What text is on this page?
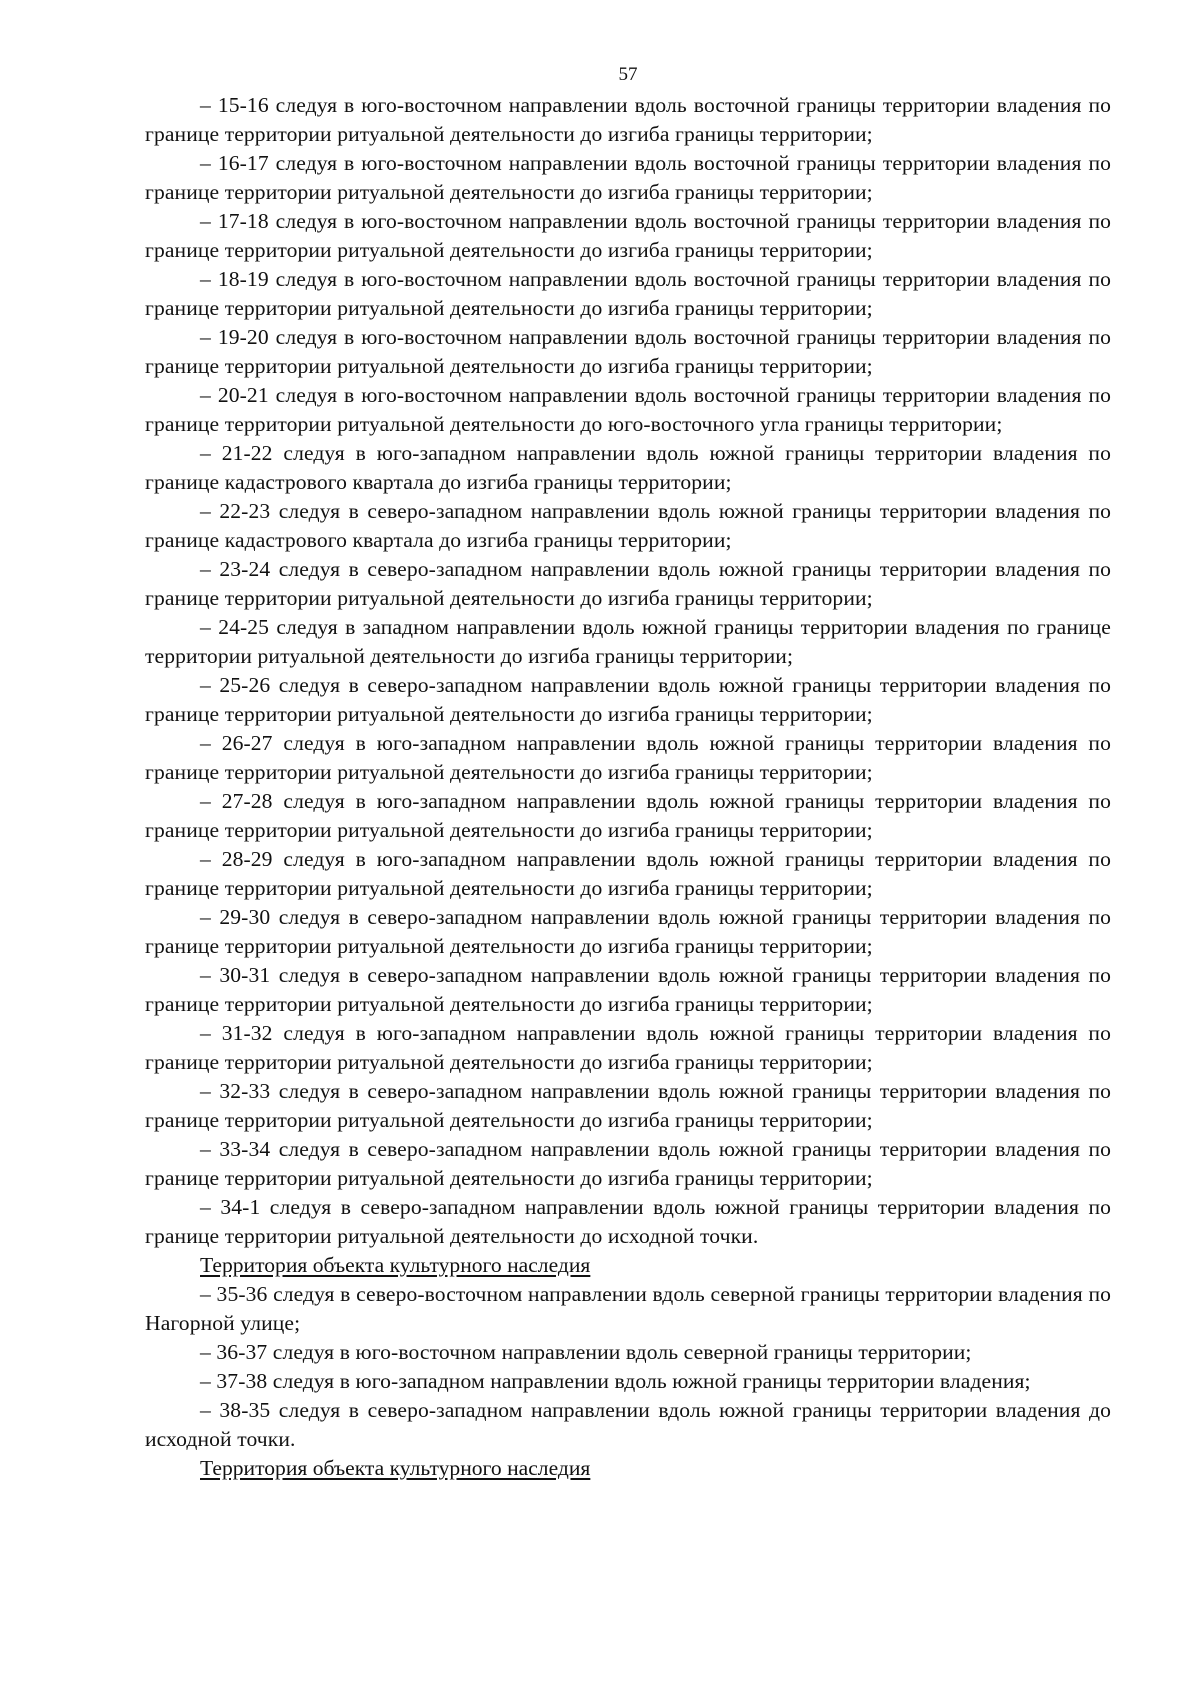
57

– 15-16 следуя в юго-восточном направлении вдоль восточной границы территории владения по границе территории ритуальной деятельности до изгиба границы территории;

– 16-17 следуя в юго-восточном направлении вдоль восточной границы территории владения по границе территории ритуальной деятельности до изгиба границы территории;

– 17-18 следуя в юго-восточном направлении вдоль восточной границы территории владения по границе территории ритуальной деятельности до изгиба границы территории;

– 18-19 следуя в юго-восточном направлении вдоль восточной границы территории владения по границе территории ритуальной деятельности до изгиба границы территории;

– 19-20 следуя в юго-восточном направлении вдоль восточной границы территории владения по границе территории ритуальной деятельности до изгиба границы территории;

– 20-21 следуя в юго-восточном направлении вдоль восточной границы территории владения по границе территории ритуальной деятельности до юго-восточного угла границы территории;

– 21-22 следуя в юго-западном направлении вдоль южной границы территории владения по границе кадастрового квартала до изгиба границы территории;

– 22-23 следуя в северо-западном направлении вдоль южной границы территории владения по границе кадастрового квартала до изгиба границы территории;

– 23-24 следуя в северо-западном направлении вдоль южной границы территории владения по границе территории ритуальной деятельности до изгиба границы территории;

– 24-25 следуя в западном направлении вдоль южной границы территории владения по границе территории ритуальной деятельности до изгиба границы территории;

– 25-26 следуя в северо-западном направлении вдоль южной границы территории владения по границе территории ритуальной деятельности до изгиба границы территории;

– 26-27 следуя в юго-западном направлении вдоль южной границы территории владения по границе территории ритуальной деятельности до изгиба границы территории;

– 27-28 следуя в юго-западном направлении вдоль южной границы территории владения по границе территории ритуальной деятельности до изгиба границы территории;

– 28-29 следуя в юго-западном направлении вдоль южной границы территории владения по границе территории ритуальной деятельности до изгиба границы территории;

– 29-30 следуя в северо-западном направлении вдоль южной границы территории владения по границе территории ритуальной деятельности до изгиба границы территории;

– 30-31 следуя в северо-западном направлении вдоль южной границы территории владения по границе территории ритуальной деятельности до изгиба границы территории;

– 31-32 следуя в юго-западном направлении вдоль южной границы территории владения по границе территории ритуальной деятельности до изгиба границы территории;

– 32-33 следуя в северо-западном направлении вдоль южной границы территории владения по границе территории ритуальной деятельности до изгиба границы территории;

– 33-34 следуя в северо-западном направлении вдоль южной границы территории владения по границе территории ритуальной деятельности до изгиба границы территории;

– 34-1 следуя в северо-западном направлении вдоль южной границы территории владения по границе территории ритуальной деятельности до исходной точки.

Территория объекта культурного наследия

– 35-36 следуя в северо-восточном направлении вдоль северной границы территории владения по Нагорной улице;

– 36-37 следуя в юго-восточном направлении вдоль северной границы территории;

– 37-38 следуя в юго-западном направлении вдоль южной границы территории владения;

– 38-35 следуя в северо-западном направлении вдоль южной границы территории владения до исходной точки.

Территория объекта культурного наследия
